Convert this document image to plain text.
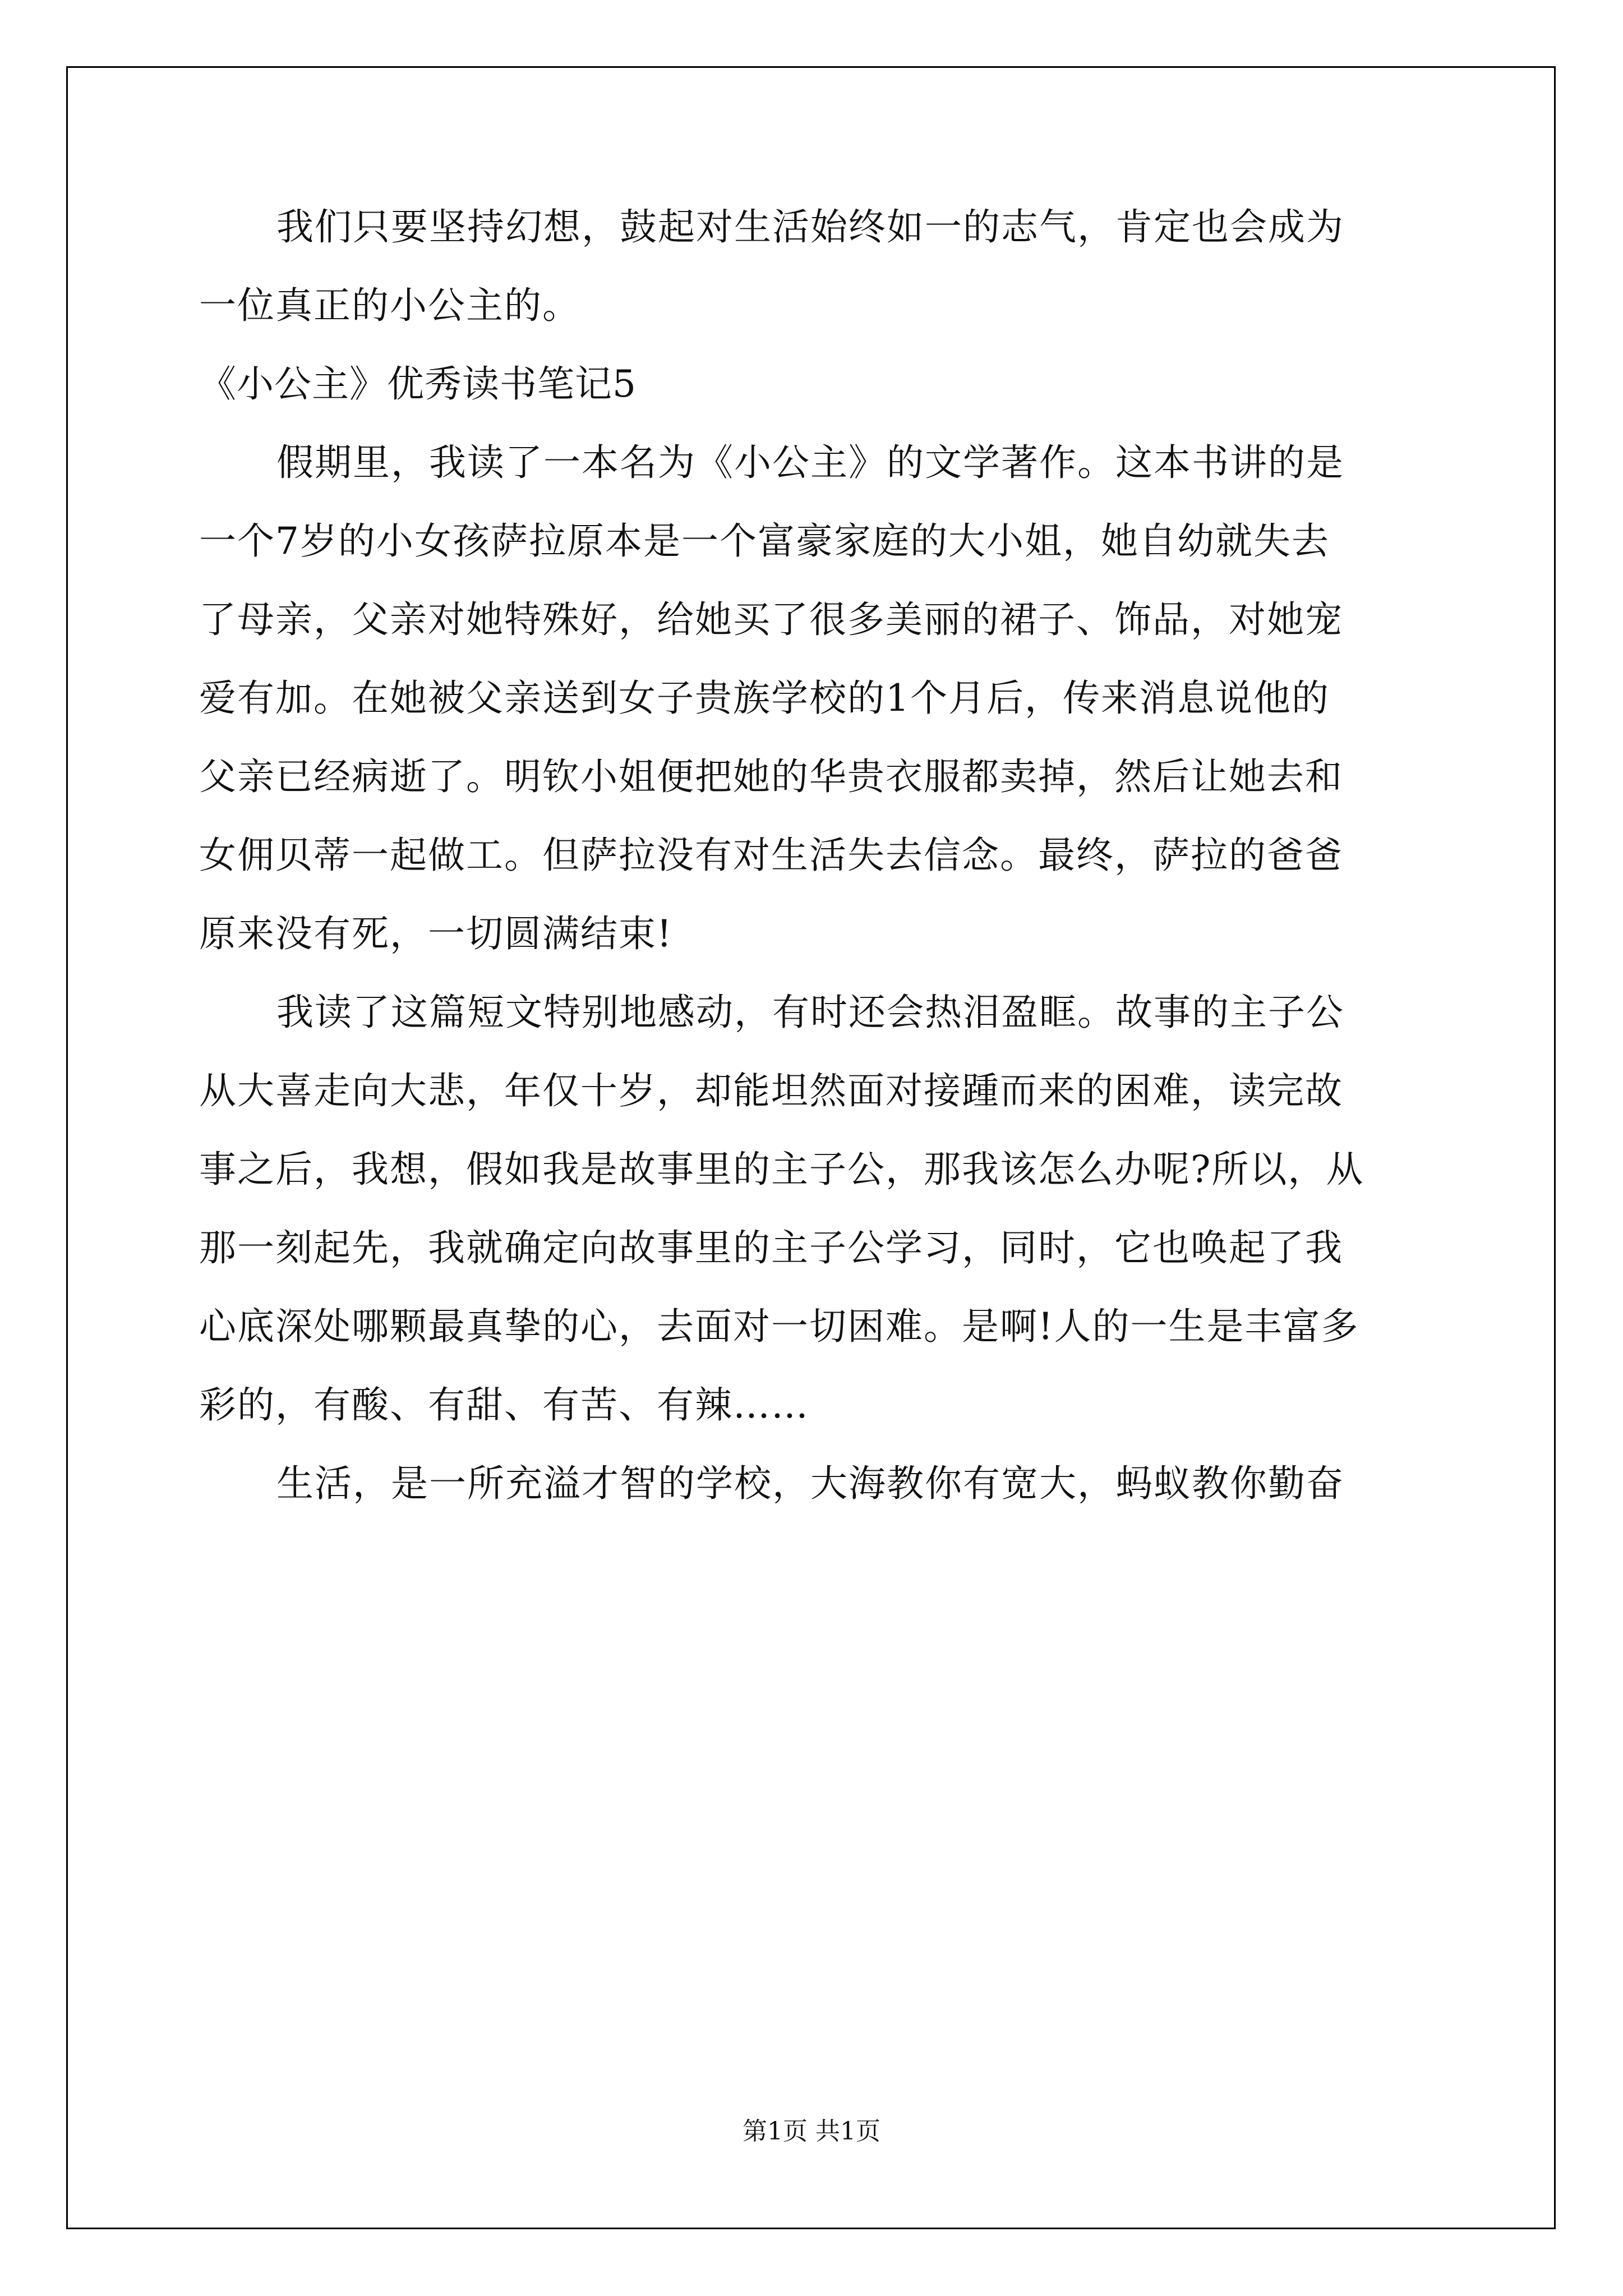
我们只要坚持幻想，鼓起对生活始终如一的志气，肯定也会成为
一位真正的小公主的。
《小公主》优秀读书笔记5
假期里，我读了一本名为《小公主》的文学著作。这本书讲的是
一个7岁的小女孩萨拉原本是一个富豪家庭的大小姐，她自幼就失去
了母亲，父亲对她特殊好，给她买了很多美丽的裙子、饰品，对她宠
爱有加。在她被父亲送到女子贵族学校的1个月后，传来消息说他的
父亲已经病逝了。明钦小姐便把她的华贵衣服都卖掉，然后让她去和
女佣贝蒂一起做工。但萨拉没有对生活失去信念。最终，萨拉的爸爸
原来没有死，一切圆满结束!
我读了这篇短文特别地感动，有时还会热泪盈眶。故事的主子公
从大喜走向大悲，年仅十岁，却能坦然面对接踵而来的困难，读完故
事之后，我想，假如我是故事里的主子公，那我该怎么办呢?所以，从
那一刻起先，我就确定向故事里的主子公学习，同时，它也唤起了我
心底深处哪颗最真挚的心，去面对一切困难。是啊!人的一生是丰富多
彩的，有酸、有甜、有苦、有辣……
生活，是一所充溢才智的学校，大海教你有宽大，蚂蚁教你勤奋
第1页 共1页
